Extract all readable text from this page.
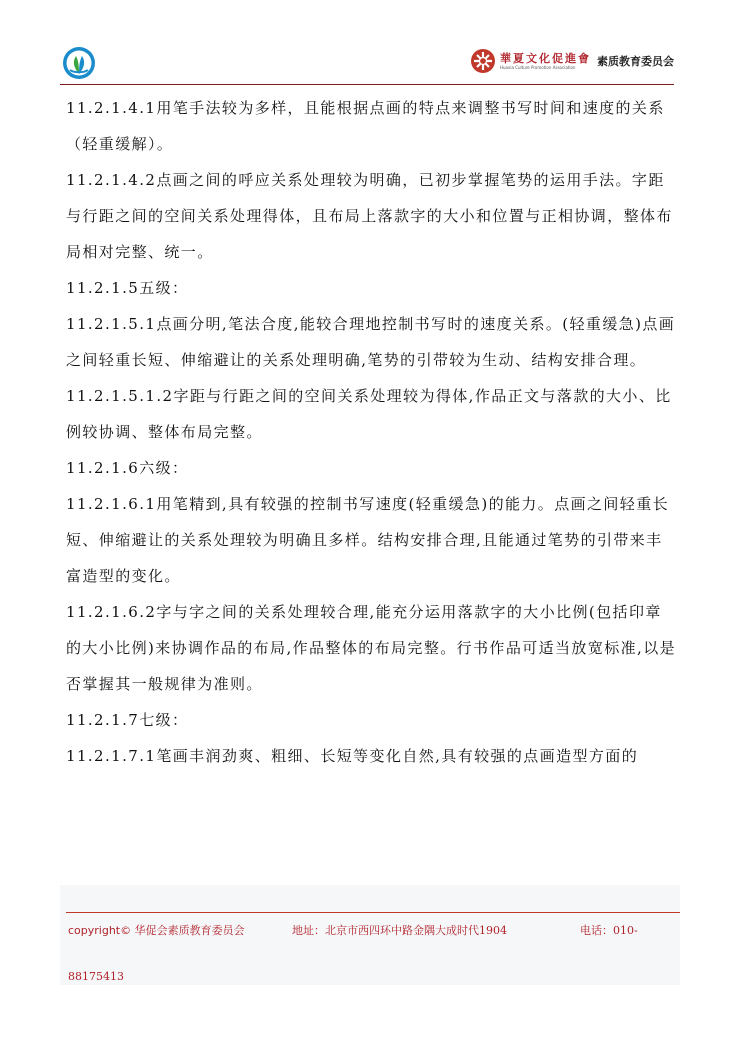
華夏文化促進會
Huaxia Culture Promotion Association 素质教育委员会

11.2.1.4.1用笔手法较为多样，且能根据点画的特点来调整书写时间和速度的关系（轻重缓解）。

11.2.1.4.2点画之间的呼应关系处理较为明确，已初步掌握笔势的运用手法。字距与行距之间的空间关系处理得体，且布局上落款字的大小和位置与正相协调，整体布局相对完整、统一。

11.2.1.5五级：

11.2.1.5.1点画分明,笔法合度,能较合理地控制书写时的速度关系。(轻重缓急)点画之间轻重长短、伸缩避让的关系处理明确,笔势的引带较为生动、结构安排合理。

11.2.1.5.1.2字距与行距之间的空间关系处理较为得体,作品正文与落款的大小、比例较协调、整体布局完整。

11.2.1.6六级：

11.2.1.6.1用笔精到,具有较强的控制书写速度(轻重缓急)的能力。点画之间轻重长短、伸缩避让的关系处理较为明确且多样。结构安排合理,且能通过笔势的引带来丰富造型的变化。

11.2.1.6.2字与字之间的关系处理较合理,能充分运用落款字的大小比例(包括印章的大小比例)来协调作品的布局,作品整体的布局完整。行书作品可适当放宽标准,以是否掌握其一般规律为准则。

11.2.1.7七级：

11.2.1.7.1笔画丰润劲爽、粗细、长短等变化自然,具有较强的点画造型方面的

copyright© 华促会素质教育委员会	地址：北京市西四环中路金隅大成时代1904	电话：010-
88175413
